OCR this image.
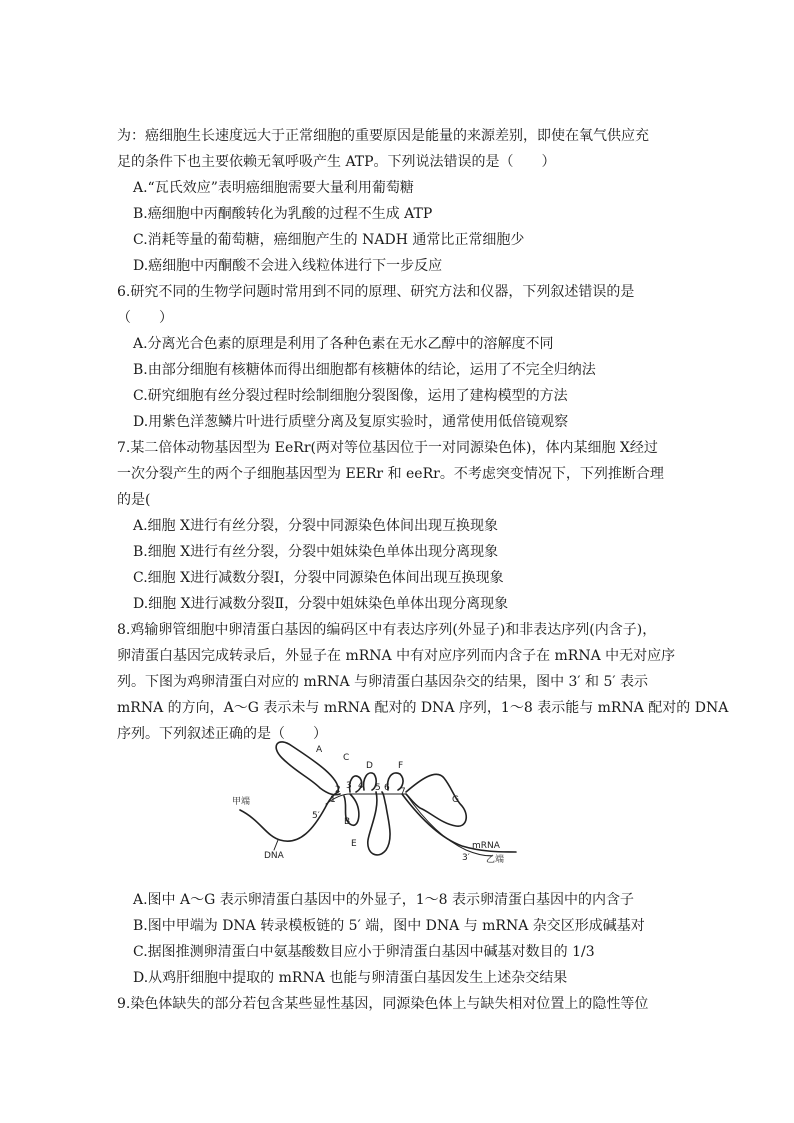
为：癌细胞生长速度远大于正常细胞的重要原因是能量的来源差别，即使在氧气供应充
足的条件下也主要依赖无氧呼吸产生 ATP。下列说法错误的是（　　）
A.“瓦氏效应”表明癌细胞需要大量利用葡萄糖
B.癌细胞中丙酮酸转化为乳酸的过程不生成 ATP
C.消耗等量的葡萄糖，癌细胞产生的 NADH 通常比正常细胞少
D.癌细胞中丙酮酸不会进入线粒体进行下一步反应
6.研究不同的生物学问题时常用到不同的原理、研究方法和仪器，下列叙述错误的是
（　　）
A.分离光合色素的原理是利用了各种色素在无水乙醇中的溶解度不同
B.由部分细胞有核糖体而得出细胞都有核糖体的结论，运用了不完全归纳法
C.研究细胞有丝分裂过程时绘制细胞分裂图像，运用了建构模型的方法
D.用紫色洋葱鳞片叶进行质壁分离及复原实验时，通常使用低倍镜观察
7.某二倍体动物基因型为 EeRr(两对等位基因位于一对同源染色体)，体内某细胞 X经过
一次分裂产生的两个子细胞基因型为 EERr 和 eeRr。不考虑突变情况下，下列推断合理
的是(
A.细胞 X进行有丝分裂，分裂中同源染色体间出现互换现象
B.细胞 X进行有丝分裂，分裂中姐妹染色单体出现分离现象
C.细胞 X进行减数分裂Ⅰ，分裂中同源染色体间出现互换现象
D.细胞 X进行减数分裂Ⅱ，分裂中姐妹染色单体出现分离现象
8.鸡输卵管细胞中卵清蛋白基因的编码区中有表达序列(外显子)和非表达序列(内含子)，
卵清蛋白基因完成转录后，外显子在 mRNA 中有对应序列而内含子在 mRNA 中无对应序
列。下图为鸡卵清蛋白对应的 mRNA 与卵清蛋白基因杂交的结果，图中 3′ 和 5′ 表示
mRNA 的方向，A～G 表示未与 mRNA 配对的 DNA 序列，1～8 表示能与 mRNA 配对的 DNA
序列。下列叙述正确的是（　　）
甲端
乙端
DNA
mRNA
5′
3′
A
B
C
D
E
F
G
1
2 3 4 5 6 7
A.图中 A～G 表示卵清蛋白基因中的外显子，1～8 表示卵清蛋白基因中的内含子
B.图中甲端为 DNA 转录模板链的 5′ 端，图中 DNA 与 mRNA 杂交区形成碱基对
C.据图推测卵清蛋白中氨基酸数目应小于卵清蛋白基因中碱基对数目的 1/3
D.从鸡肝细胞中提取的 mRNA 也能与卵清蛋白基因发生上述杂交结果
9.染色体缺失的部分若包含某些显性基因，同源染色体上与缺失相对位置上的隐性等位
